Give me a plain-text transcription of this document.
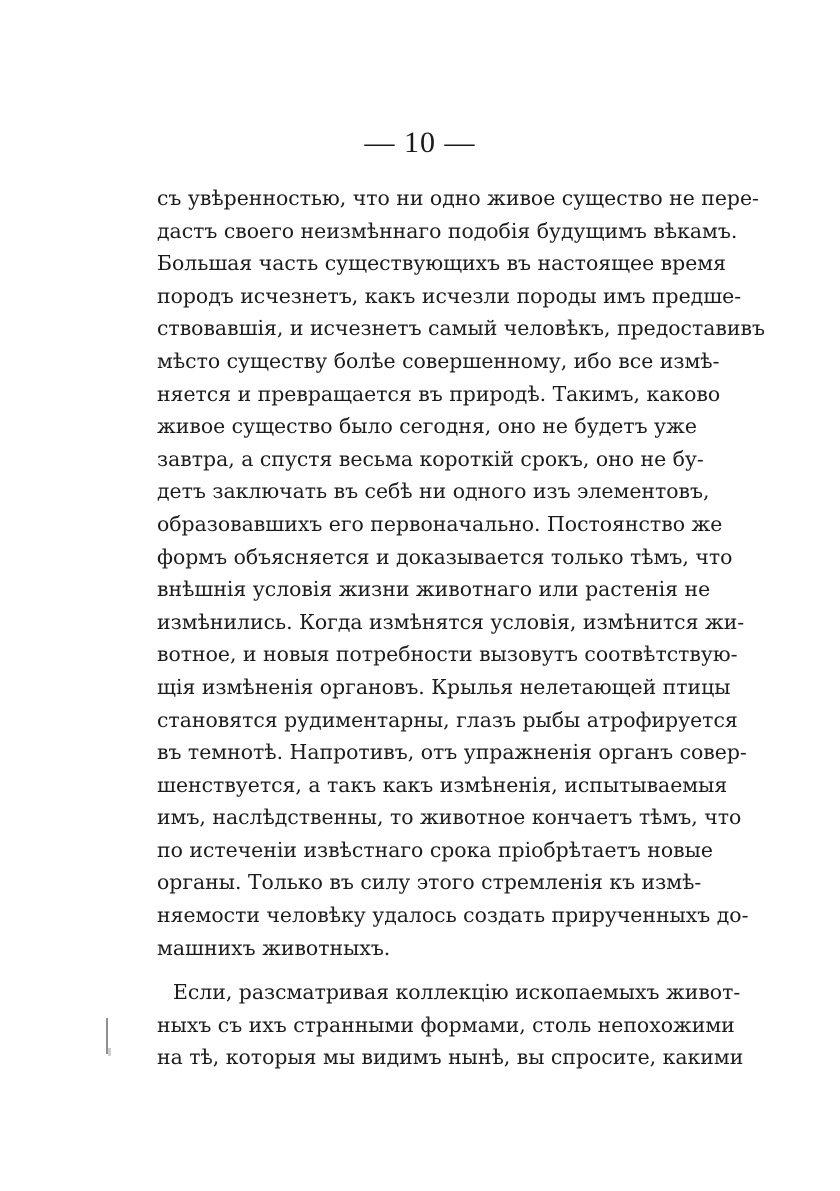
— 10 —
съ увѣренностью, что ни одно живое существо не пере-
дастъ своего неизмѣннаго подобія будущимъ вѣкамъ.
Большая часть существующихъ въ настоящее время
породъ исчезнетъ, какъ исчезли породы имъ предше-
ствовавшія, и исчезнетъ самый человѣкъ, предоставивъ
мѣсто существу болѣе совершенному, ибо все измѣ-
няется и превращается въ природѣ. Такимъ, каково
живое существо было сегодня, оно не будетъ уже
завтра, а спустя весьма короткій срокъ, оно не бу-
детъ заключать въ себѣ ни одного изъ элементовъ,
образовавшихъ его первоначально. Постоянство же
формъ объясняется и доказывается только тѣмъ, что
внѣшнія условія жизни животнаго или растенія не
измѣнились. Когда измѣнятся условія, измѣнится жи-
вотное, и новыя потребности вызовутъ соотвѣтствую-
щія измѣненія органовъ. Крылья нелетающей птицы
становятся рудиментарны, глазъ рыбы атрофируется
въ темнотѣ. Напротивъ, отъ упражненія органъ совер-
шенствуется, а такъ какъ измѣненія, испытываемыя
имъ, наслѣдственны, то животное кончаетъ тѣмъ, что
по истеченіи извѣстнаго срока пріобрѣтаетъ новые
органы. Только въ силу этого стремленія къ измѣ-
няемости человѣку удалось создать прирученныхъ до-
машнихъ животныхъ.
Если, разсматривая коллекцію ископаемыхъ живот-
ныхъ съ ихъ странными формами, столь непохожими
на тѣ, которыя мы видимъ нынѣ, вы спросите, какими
